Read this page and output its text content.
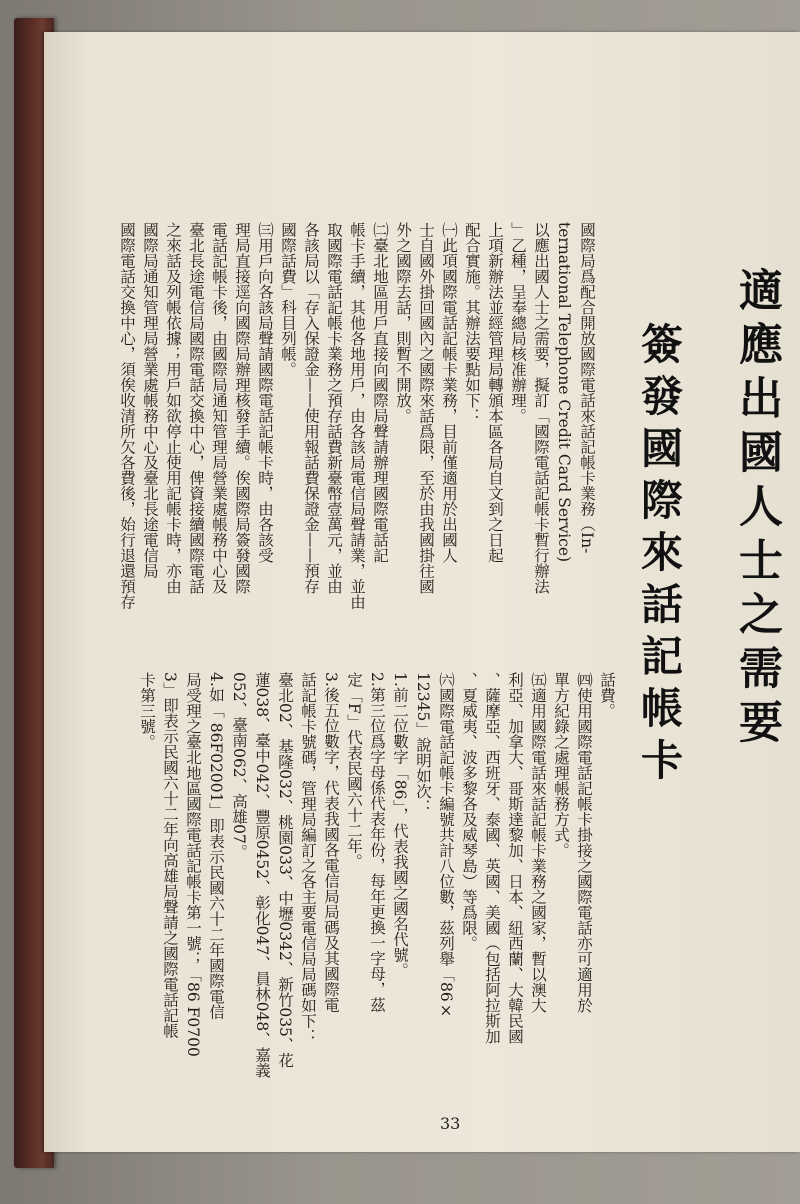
適應出國人士之需要
簽發國際來話記帳卡
國際局爲配合開放國際電話來話記帳卡業務（In-
ternational Telephone Credit Card Service)
以應出國人士之需要，擬訂「國際電話記帳卡暫行辦法
」乙種，呈奉總局核准辦理。
上項新辦法並經管理局轉頒本區各局自文到之日起
配合實施。其辦法要點如下：
㈠此項國際電話記帳卡業務，目前僅適用於出國人
士自國外掛回國內之國際來話爲限，至於由我國掛往國
外之國際去話，則暫不開放。
㈡臺北地區用戶直接向國際局聲請辦理國際電話記
帳卡手續，其他各地用戶，由各該局電信局聲請業，並由
取國際電話記帳卡業務之預存話費新臺幣壹萬元，並由
各該局以「存入保證金——使用報話費保證金——預存
國際話費」科目列帳。
㈢用戶向各該局聲請國際電話記帳卡時，由各該受
理局直接逕向國際局辦理核發手續。俟國際局簽發國際
電話記帳卡後，由國際局通知管理局營業處帳務中心及
臺北長途電信局國際電話交換中心，俾資接續國際電話
之來話及列帳依據；用戶如欲停止使用記帳卡時，亦由
國際局通知管理局營業處帳務中心及臺北長途電信局
國際電話交換中心，須俟收清所欠各費後，始行退還預存
話費。
㈣使用國際電話記帳卡掛接之國際電話亦可適用於
單方紀錄之處理帳務方式。
㈤適用國際電話來話記帳卡業務之國家，暫以澳大
利亞、加拿大、哥斯達黎加、日本、紐西蘭、大韓民國
、薩摩亞、西班牙、泰國、英國、美國（包括阿拉斯加
、夏威夷、波多黎各及威琴島）等爲限。
㈥國際電話記帳卡編號共計八位數，茲列舉「86×
12345」說明如次：
1.前二位數字「86」，代表我國之國名代號。
2.第三位爲字母係代表年份，每年更換一字母，茲
定「F」代表民國六十二年。
3.後五位數字，代表我國各電信局局碼及其國際電
話記帳卡號碼，管理局編訂之各主要電信局局碼如下：
臺北02、基隆032、桃園033、中壢0342、新竹035、花
蓮038、臺中042、豐原0452、彰化047、員林048、嘉義
052、臺南062、高雄07。
4.如「 86F02001」即表示民國六十二年國際電信
局受理之臺北地區國際電話記帳卡第一號；「86 F0700
3」即表示民國六十二年向高雄局聲請之國際電話記帳
卡第三號。
33
